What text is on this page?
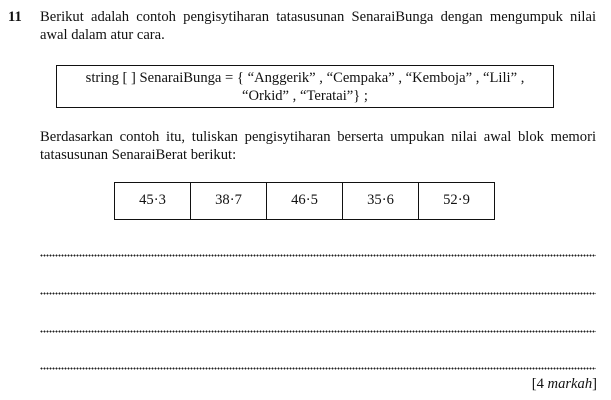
11 Berikut adalah contoh pengisytiharan tatasusunan SenaraiBunga dengan mengumpuk nilai awal dalam atur cara.
string [ ] SenaraiBunga = { “Anggerik” , “Cempaka” , “Kemboja” , “Lili” ,
“Orkid” , “Teratai”} ;
Berdasarkan contoh itu, tuliskan pengisytiharan berserta umpukan nilai awal blok memori tatasusunan SenaraiBerat berikut:
45·3	38·7	46·5	35·6	52·9
[4 markah]
